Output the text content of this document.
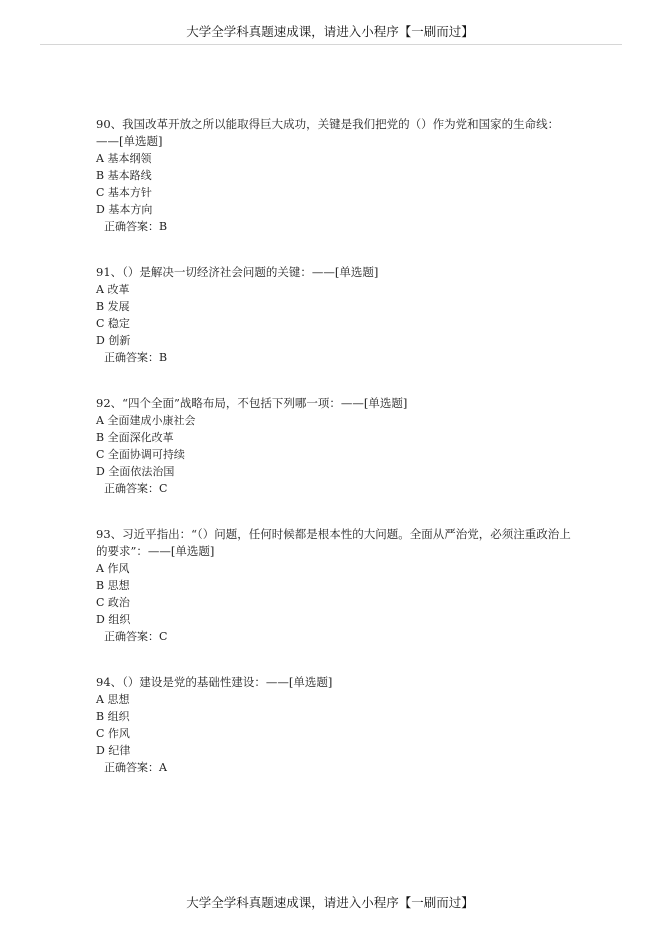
大学全学科真题速成课，请进入小程序【一刷而过】
90、我国改革开放之所以能取得巨大成功，关键是我们把党的（）作为党和国家的生命线：——[单选题]
A 基本纲领
B 基本路线
C 基本方针
D 基本方向
正确答案：B
91、（）是解决一切经济社会问题的关键：——[单选题]
A 改革
B 发展
C 稳定
D 创新
正确答案：B
92、“四个全面”战略布局，不包括下列哪一项：——[单选题]
A 全面建成小康社会
B 全面深化改革
C 全面协调可持续
D 全面依法治国
正确答案：C
93、习近平指出：“（）问题，任何时候都是根本性的大问题。全面从严治党，必须注重政治上的要求”：——[单选题]
A 作风
B 思想
C 政治
D 组织
正确答案：C
94、（）建设是党的基础性建设：——[单选题]
A 思想
B 组织
C 作风
D 纪律
正确答案：A
大学全学科真题速成课，请进入小程序【一刷而过】
